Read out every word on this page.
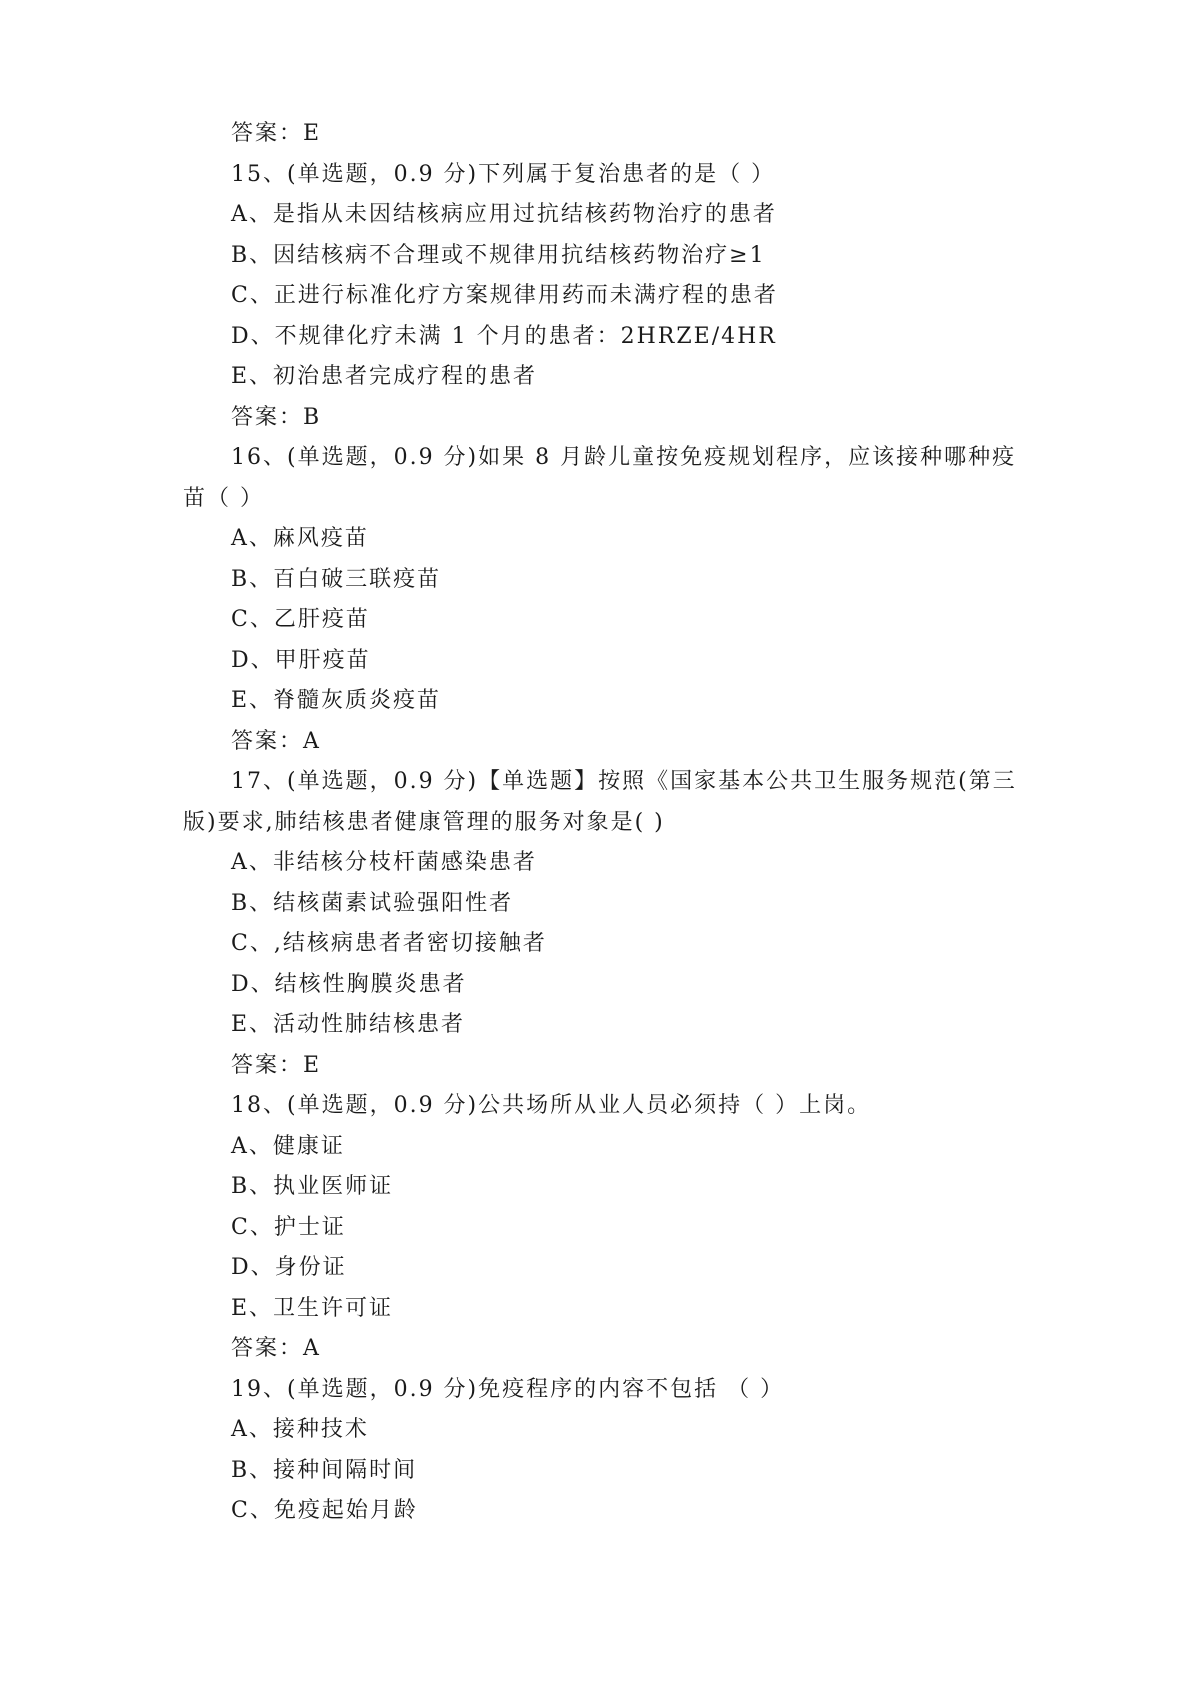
答案：E
15、(单选题，0.9 分)下列属于复治患者的是（ ）
A、是指从未因结核病应用过抗结核药物治疗的患者
B、因结核病不合理或不规律用抗结核药物治疗≥1
C、正进行标准化疗方案规律用药而未满疗程的患者
D、不规律化疗未满 1 个月的患者：2HRZE/4HR
E、初治患者完成疗程的患者
答案：B
16、(单选题，0.9 分)如果 8 月龄儿童按免疫规划程序，应该接种哪种疫
苗（ ）
A、麻风疫苗
B、百白破三联疫苗
C、乙肝疫苗
D、甲肝疫苗
E、脊髓灰质炎疫苗
答案：A
17、(单选题，0.9 分)【单选题】按照《国家基本公共卫生服务规范(第三
版)要求,肺结核患者健康管理的服务对象是( )
A、非结核分枝杆菌感染患者
B、结核菌素试验强阳性者
C、,结核病患者者密切接触者
D、结核性胸膜炎患者
E、活动性肺结核患者
答案：E
18、(单选题，0.9 分)公共场所从业人员必须持（ ）上岗。
A、健康证
B、执业医师证
C、护士证
D、身份证
E、卫生许可证
答案：A
19、(单选题，0.9 分)免疫程序的内容不包括 （ ）
A、接种技术
B、接种间隔时间
C、免疫起始月龄
